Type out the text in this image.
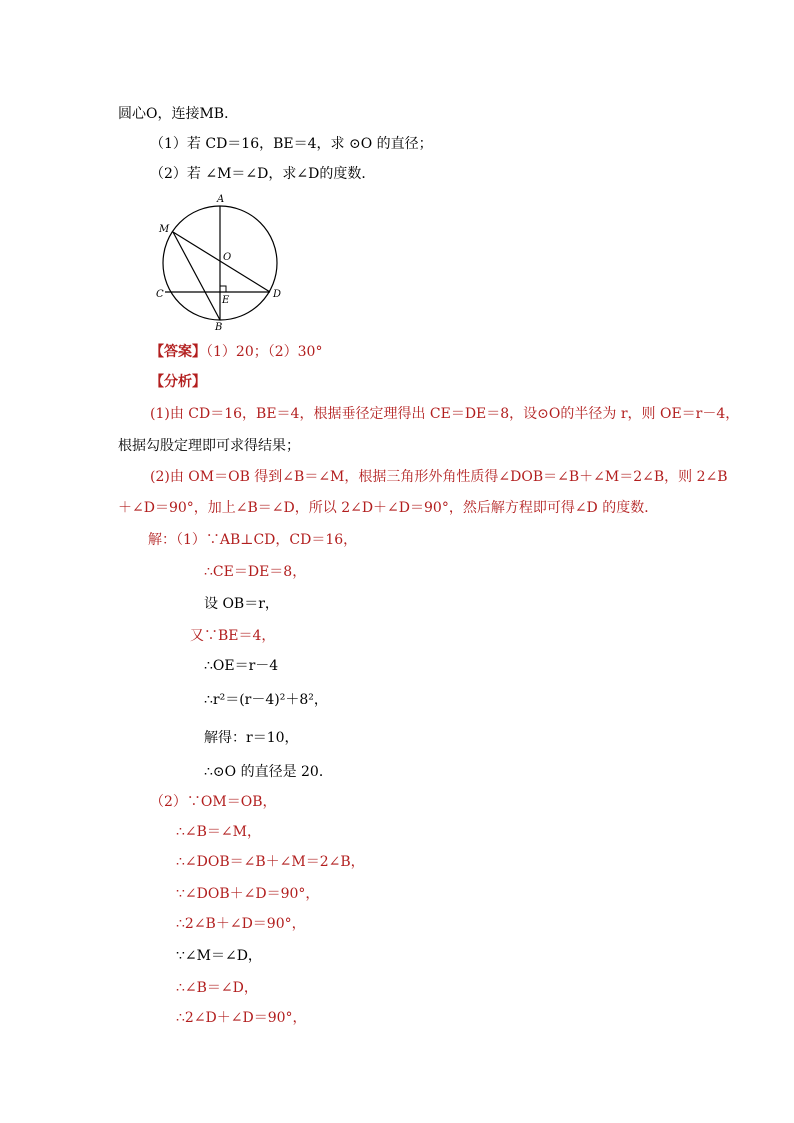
圆心O，连接MB．
（1）若 CD＝16，BE＝4，求 ⊙O 的直径；
（2）若 ∠M＝∠D，求∠D的度数．
A
M
O
C
E
D
B
【答案】（1）20；（2）30°
【分析】
(1)由 CD＝16，BE＝4，根据垂径定理得出 CE＝DE＝8，设⊙O的半径为 r，则 OE＝r－4，
根据勾股定理即可求得结果；
(2)由 OM＝OB 得到∠B＝∠M，根据三角形外角性质得∠DOB＝∠B＋∠M＝2∠B，则 2∠B
＋∠D＝90°，加上∠B＝∠D，所以 2∠D＋∠D＝90°，然后解方程即可得∠D 的度数．
解：（1）∵AB⊥CD，CD＝16，
∴CE＝DE＝8，
设 OB＝r，
又∵BE＝4，
∴OE＝r－4
∴r²＝(r－4)²＋8²，
解得：r＝10，
∴⊙O 的直径是 20．
（2）∵OM＝OB，
∴∠B＝∠M，
∴∠DOB＝∠B＋∠M＝2∠B，
∵∠DOB＋∠D＝90°，
∴2∠B＋∠D＝90°，
∵∠M＝∠D，
∴∠B＝∠D，
∴2∠D＋∠D＝90°，
